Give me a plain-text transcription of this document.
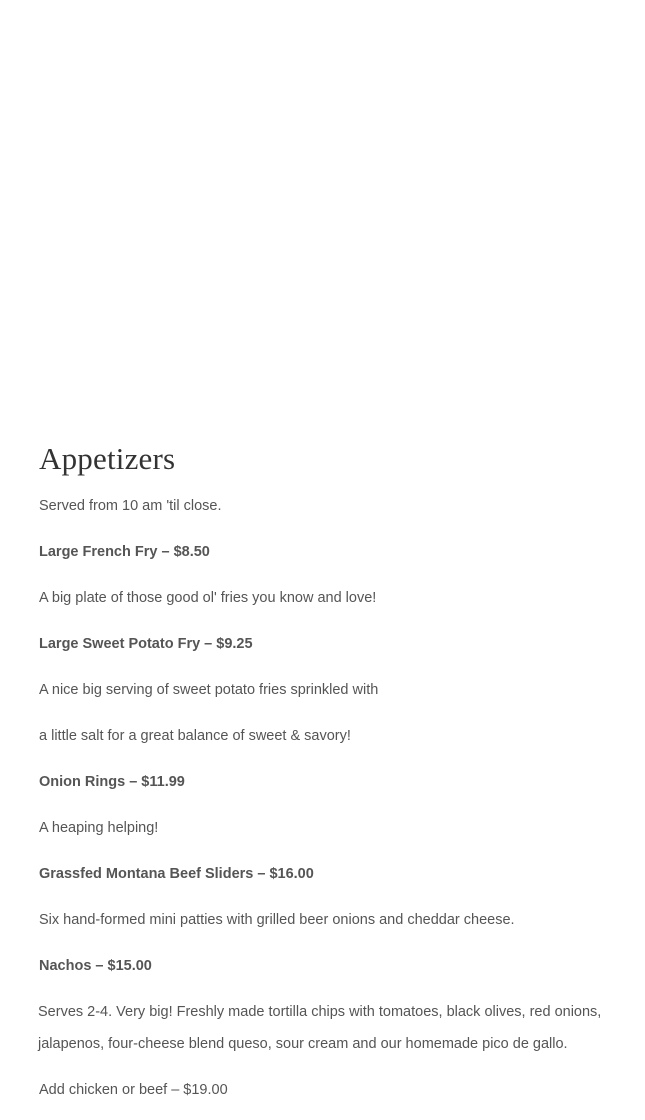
Appetizers

Served from 10 am 'til close.

Large French Fry – $8.50

A big plate of those good ol' fries you know and love!

Large Sweet Potato Fry – $9.25

A nice big serving of sweet potato fries sprinkled with

a little salt for a great balance of sweet & savory!

Onion Rings – $11.99

A heaping helping!

Grassfed Montana Beef Sliders – $16.00

Six hand-formed mini patties with grilled beer onions and cheddar cheese.

Nachos – $15.00

Serves 2-4. Very big! Freshly made tortilla chips with tomatoes, black olives, red onions, jalapenos, four-cheese blend queso, sour cream and our homemade pico de gallo.

Add chicken or beef – $19.00
